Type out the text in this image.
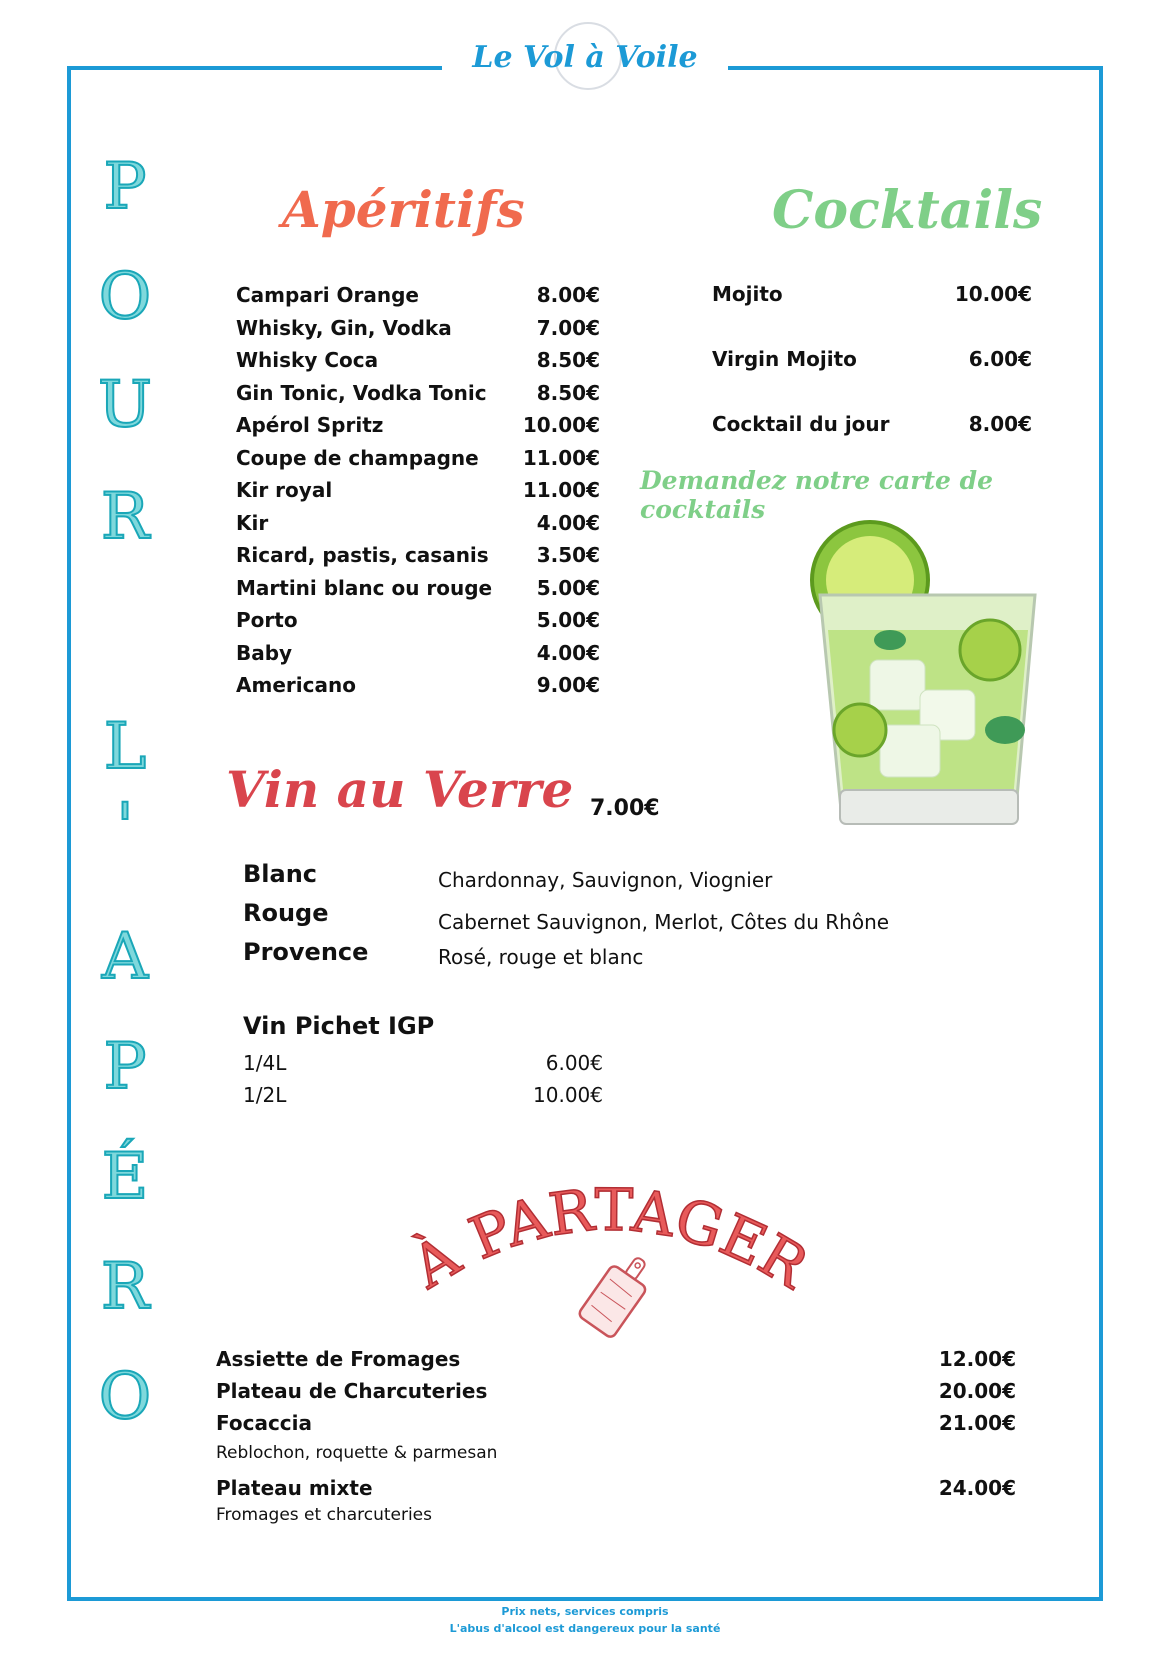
Le Vol à Voile
P
O
U
R
L
'
A
P
É
R
O
Apéritifs
Campari Orange	8.00€
Whisky, Gin, Vodka	7.00€
Whisky Coca	8.50€
Gin Tonic, Vodka Tonic	8.50€
Apérol Spritz	10.00€
Coupe de champagne 11.00€
Kir royal	11.00€
Kir	4.00€
Ricard, pastis, casanis 3.50€
Martini blanc ou rouge 5.00€
Porto	5.00€
Baby	4.00€
Americano	9.00€
Cocktails
Mojito	10.00€
Virgin Mojito	6.00€
Cocktail du jour	8.00€
Demandez notre carte de cocktails
Vin au Verre 7.00€
Blanc	Chardonnay, Sauvignon, Viognier
Rouge	Cabernet Sauvignon, Merlot, Côtes du Rhône
Provence	Rosé, rouge et blanc
Vin Pichet IGP
1/4L	6.00€
1/2L	10.00€
À PARTAGER
Assiette de Fromages	12.00€
Plateau de Charcuteries	20.00€
Focaccia	21.00€
Reblochon, roquette & parmesan
Plateau mixte	24.00€
Fromages et charcuteries
Prix nets, services compris
L'abus d'alcool est dangereux pour la santé
